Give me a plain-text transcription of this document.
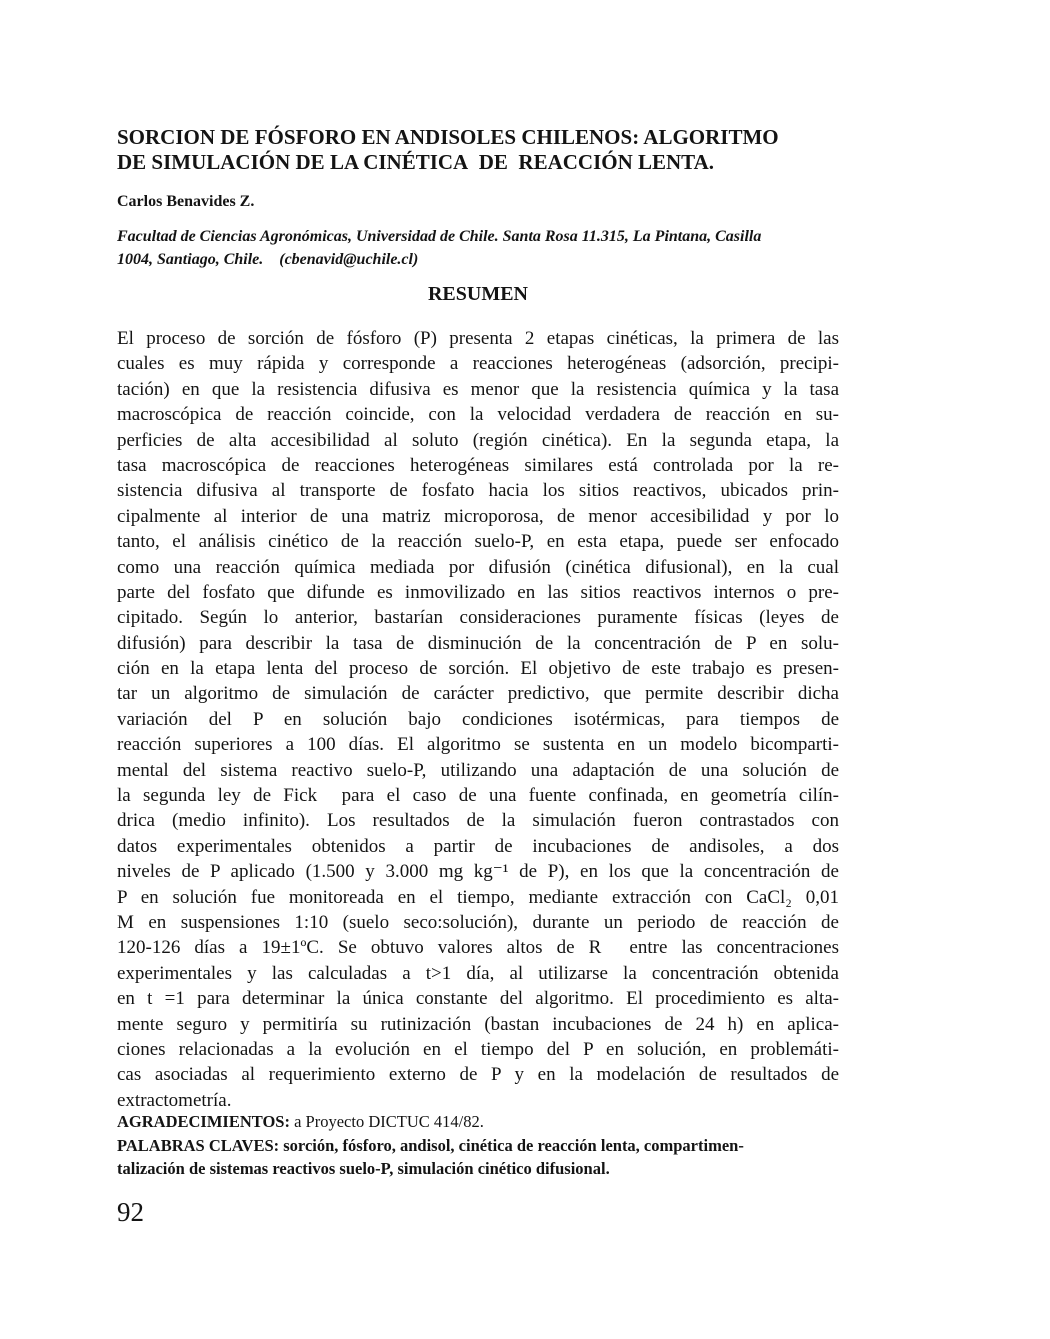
SORCION DE FÓSFORO EN ANDISOLES CHILENOS: ALGORITMO
DE SIMULACIÓN DE LA CINÉTICA  DE  REACCIÓN LENTA.
Carlos Benavides Z.
Facultad de Ciencias Agronómicas, Universidad de Chile. Santa Rosa 11.315, La Pintana, Casilla
1004, Santiago, Chile.    (cbenavid@uchile.cl)
RESUMEN
El proceso de sorción de fósforo (P) presenta 2 etapas cinéticas, la primera de las
cuales es muy rápida y corresponde a reacciones heterogéneas (adsorción, precipi-
tación) en que la resistencia difusiva es menor que la resistencia química y la tasa
macroscópica de reacción coincide, con la velocidad verdadera de reacción en su-
perficies de alta accesibilidad al soluto (región cinética). En la segunda etapa, la
tasa macroscópica de reacciones heterogéneas similares está controlada por la re-
sistencia difusiva al transporte de fosfato hacia los sitios reactivos, ubicados prin-
cipalmente al interior de una matriz microporosa, de menor accesibilidad y por lo
tanto, el análisis cinético de la reacción suelo-P, en esta etapa, puede ser enfocado
como una reacción química mediada por difusión (cinética difusional), en la cual
parte del fosfato que difunde es inmovilizado en las sitios reactivos internos o pre-
cipitado. Según lo anterior, bastarían consideraciones puramente físicas (leyes de
difusión) para describir la tasa de disminución de la concentración de P en solu-
ción en la etapa lenta del proceso de sorción. El objetivo de este trabajo es presen-
tar un algoritmo de simulación de carácter predictivo, que permite describir dicha
variación del P en solución bajo condiciones isotérmicas, para tiempos de
reacción superiores a 100 días. El algoritmo se sustenta en un modelo bicomparti-
mental del sistema reactivo suelo-P, utilizando una adaptación de una solución de
la segunda ley de Fick  para el caso de una fuente confinada, en geometría cilín-
drica (medio infinito). Los resultados de la simulación fueron contrastados con
datos experimentales obtenidos a partir de incubaciones de andisoles, a dos
niveles de P aplicado (1.500 y 3.000 mg kg⁻¹ de P), en los que la concentración de
P en solución fue monitoreada en el tiempo, mediante extracción con CaCl₂ 0,01
M en suspensiones 1:10 (suelo seco:solución), durante un periodo de reacción de
120-126 días a 19±1ºC. Se obtuvo valores altos de R  entre las concentraciones
experimentales y las calculadas a t>1 día, al utilizarse la concentración obtenida
en t =1 para determinar la única constante del algoritmo. El procedimiento es alta-
mente seguro y permitiría su rutinización (bastan incubaciones de 24 h) en aplica-
ciones relacionadas a la evolución en el tiempo del P en solución, en problemáti-
cas asociadas al requerimiento externo de P y en la modelación de resultados de
extractometría.
AGRADECIMIENTOS: a Proyecto DICTUC 414/82.
PALABRAS CLAVES: sorción, fósforo, andisol, cinética de reacción lenta, compartimen-
talización de sistemas reactivos suelo-P, simulación cinético difusional.
92
